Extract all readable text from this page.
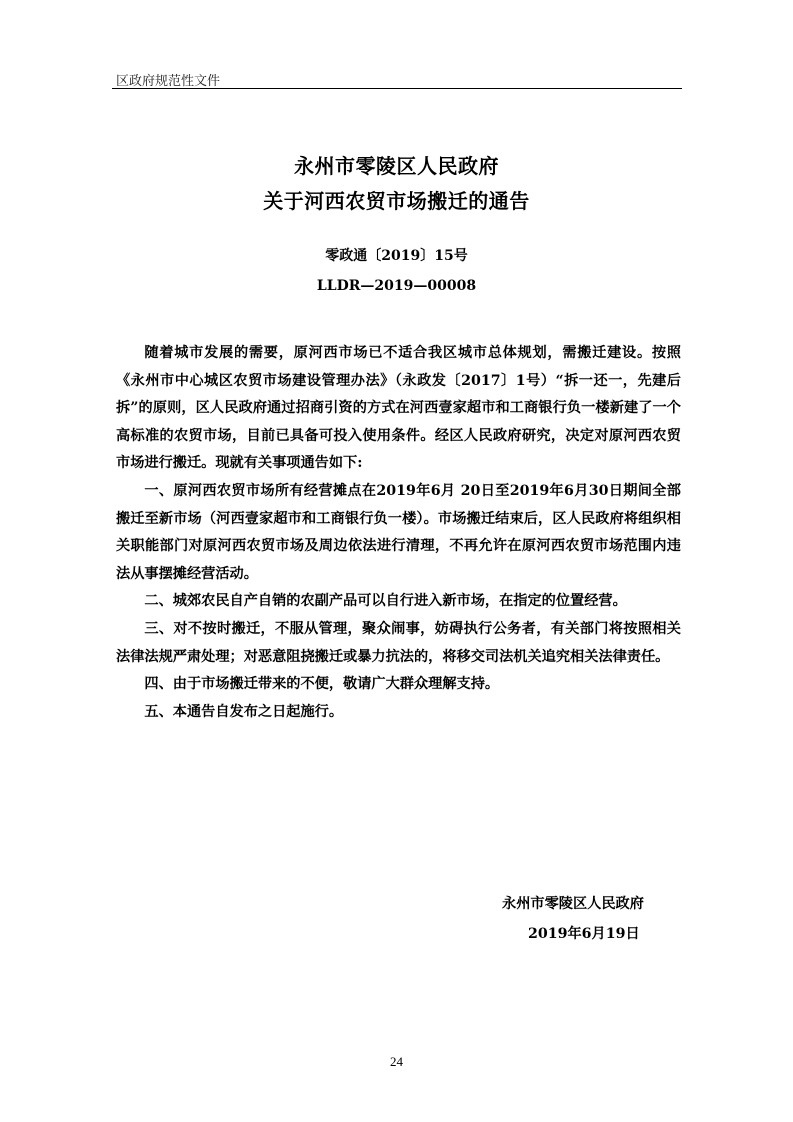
区政府规范性文件
永州市零陵区人民政府
关于河西农贸市场搬迁的通告
零政通〔2019〕15号
LLDR—2019—00008

随着城市发展的需要，原河西市场已不适合我区城市总体规划，需搬迁建设。按照《永州市中心城区农贸市场建设管理办法》（永政发〔2017〕1号）“拆一还一，先建后拆”的原则，区人民政府通过招商引资的方式在河西壹家超市和工商银行负一楼新建了一个高标准的农贸市场，目前已具备可投入使用条件。经区人民政府研究，决定对原河西农贸市场进行搬迁。现就有关事项通告如下:

一、原河西农贸市场所有经营摊点在2019年6月 20日至2019年6月30日期间全部搬迁至新市场（河西壹家超市和工商银行负一楼）。市场搬迁结束后，区人民政府将组织相关职能部门对原河西农贸市场及周边依法进行清理，不再允许在原河西农贸市场范围内违法从事摆摊经营活动。

二、城郊农民自产自销的农副产品可以自行进入新市场，在指定的位置经营。

三、对不按时搬迁，不服从管理，聚众闹事，妨碍执行公务者，有关部门将按照相关法律法规严肃处理；对恶意阻挠搬迁或暴力抗法的，将移交司法机关追究相关法律责任。

四、由于市场搬迁带来的不便，敬请广大群众理解支持。

五、本通告自发布之日起施行。

永州市零陵区人民政府
2019年6月19日
24
